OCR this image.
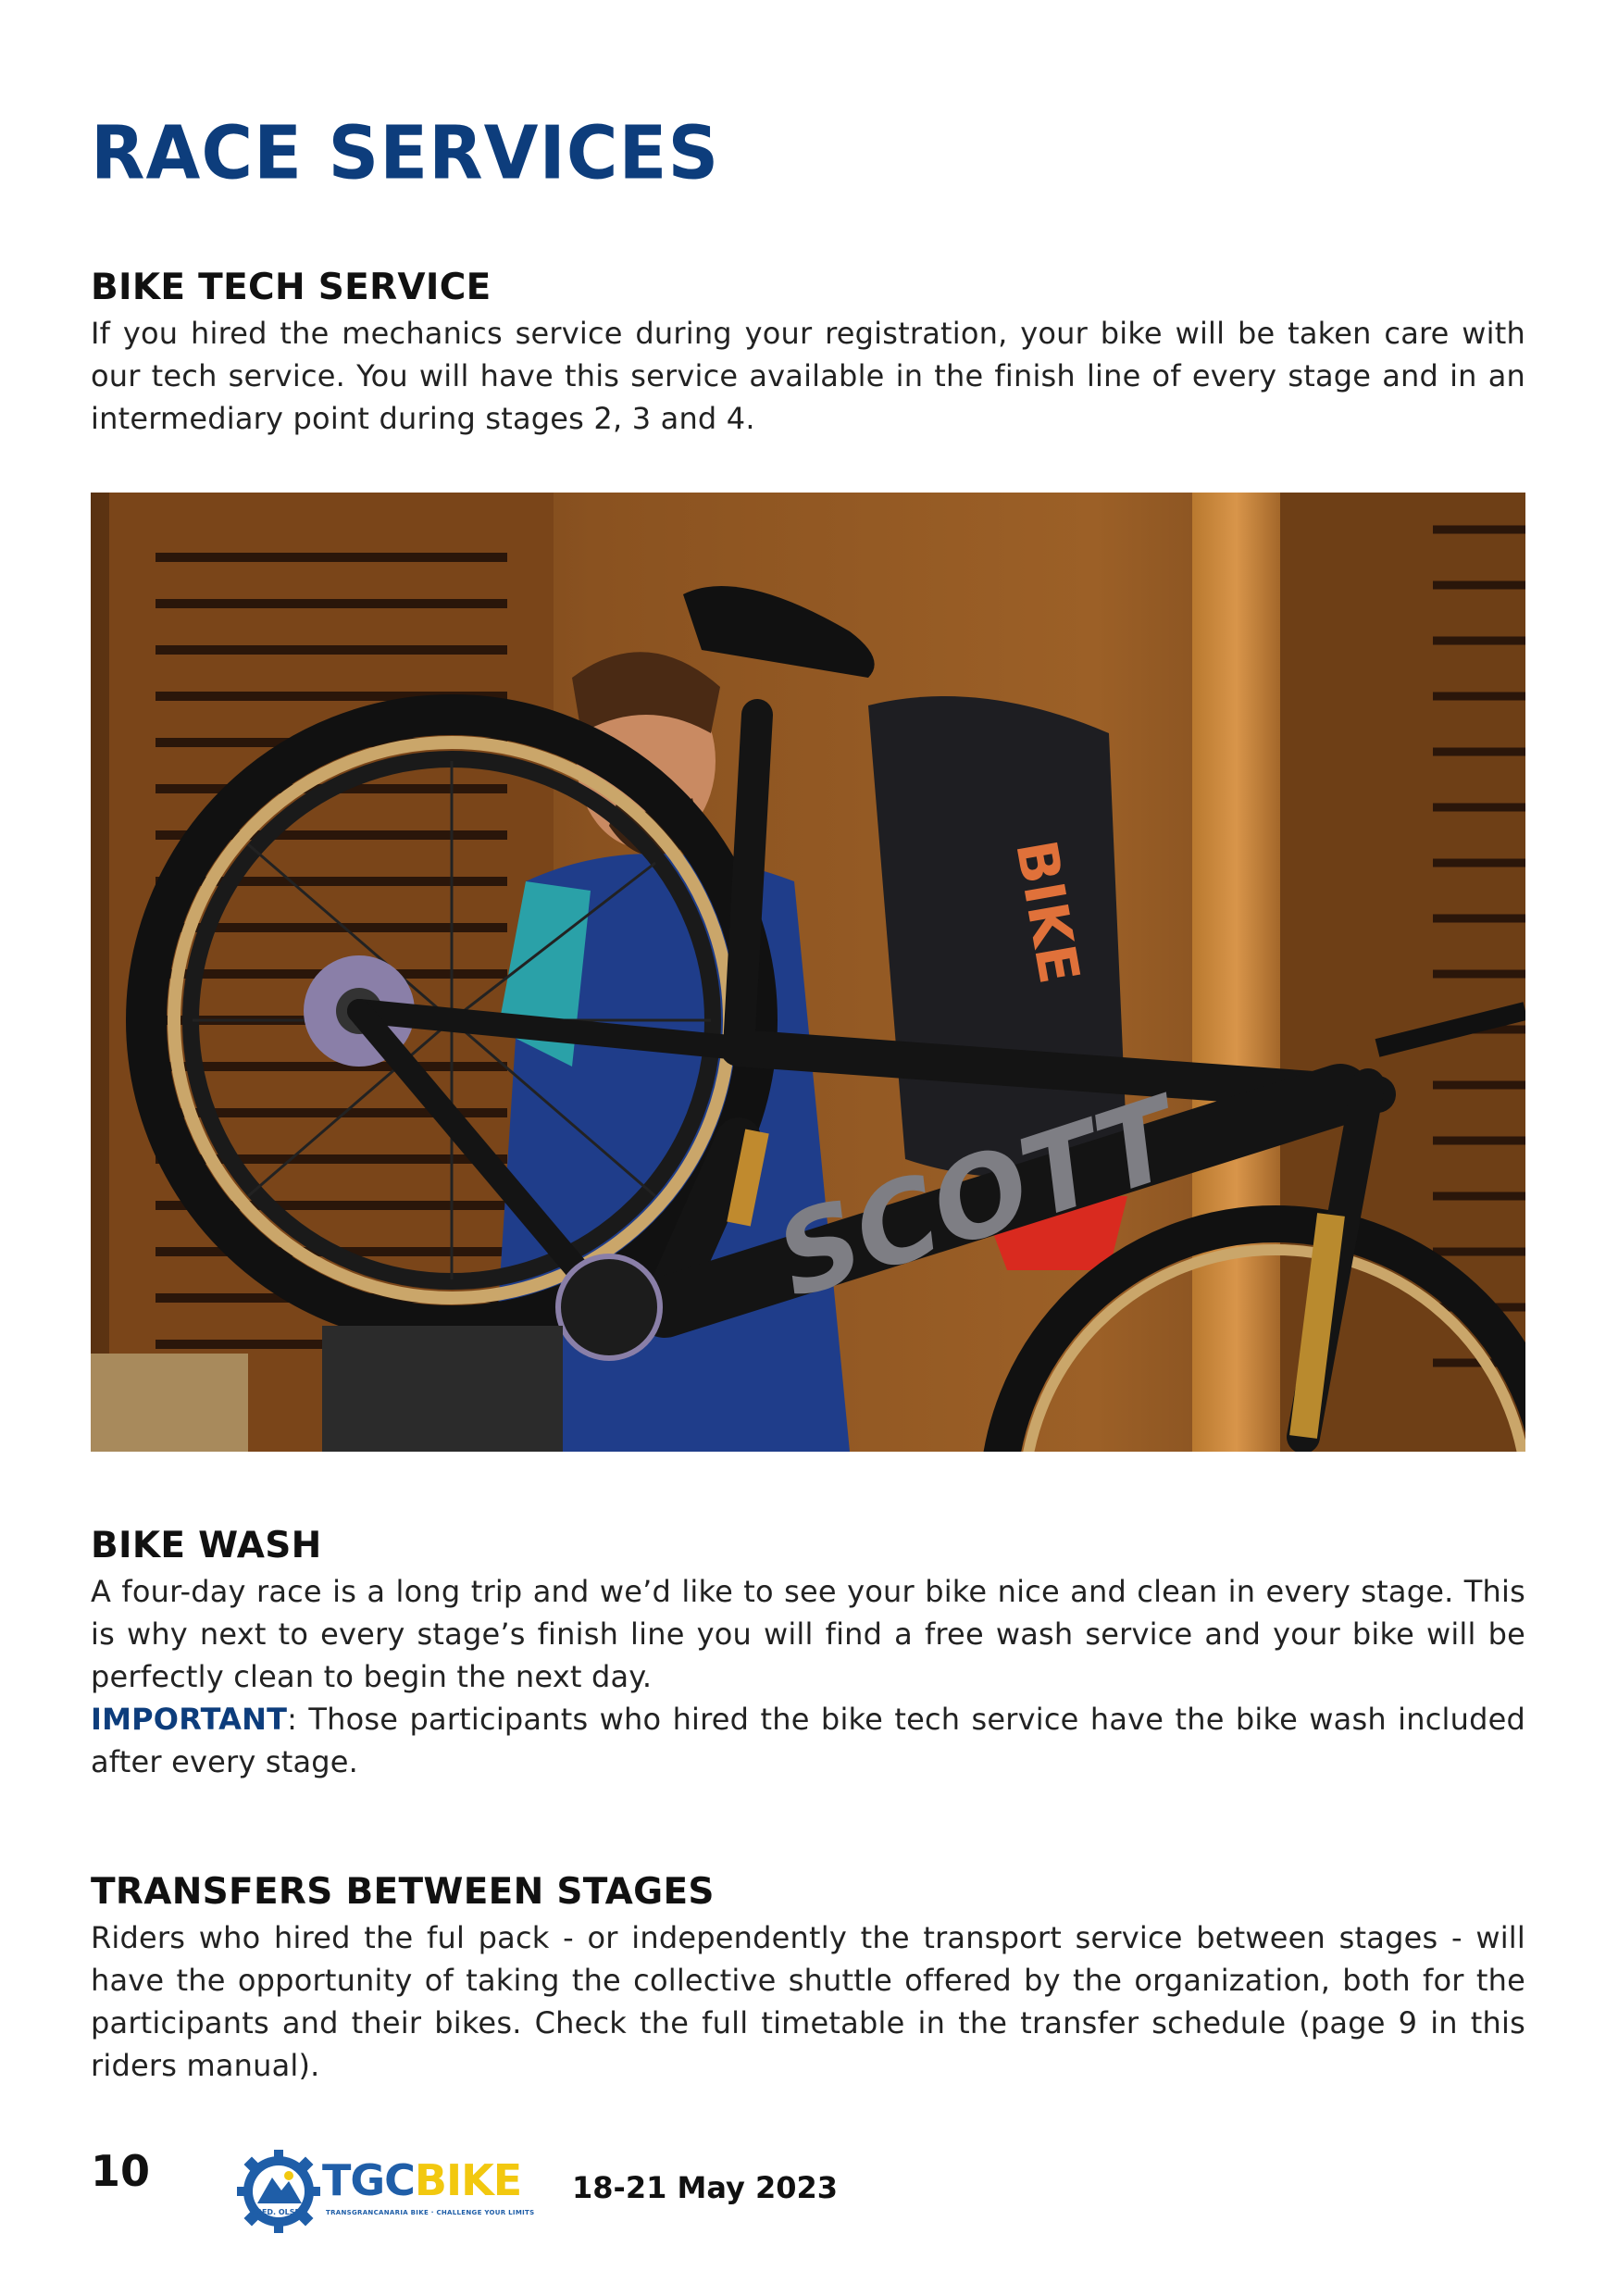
RACE SERVICES
BIKE TECH SERVICE

If you hired the mechanics service during your registration, your bike will be taken care with our tech service. You will have this service available in the finish line of every stage and in an intermediary point during stages 2, 3 and 4.

BIKE
SCOTT
BIKE WASH

A four-day race is a long trip and we’d like to see your bike nice and clean in every stage. This is why next to every stage’s finish line you will find a free wash service and your bike will be perfectly clean to begin the next day.

IMPORTANT: Those participants who hired the bike tech service have the bike wash included after every stage.

TRANSFERS BETWEEN STAGES

Riders who hired the ful pack - or independently the transport service between stages - will have the opportunity of taking the collective shuttle offered by the organization, both for the participants and their bikes. Check the full timetable in the transfer schedule (page 9 in this riders manual).

10
FRED. OLSEN
TGCBIKE
TRANSGRANCANARIA BIKE · CHALLENGE YOUR LIMITS
18-21 May 2023
